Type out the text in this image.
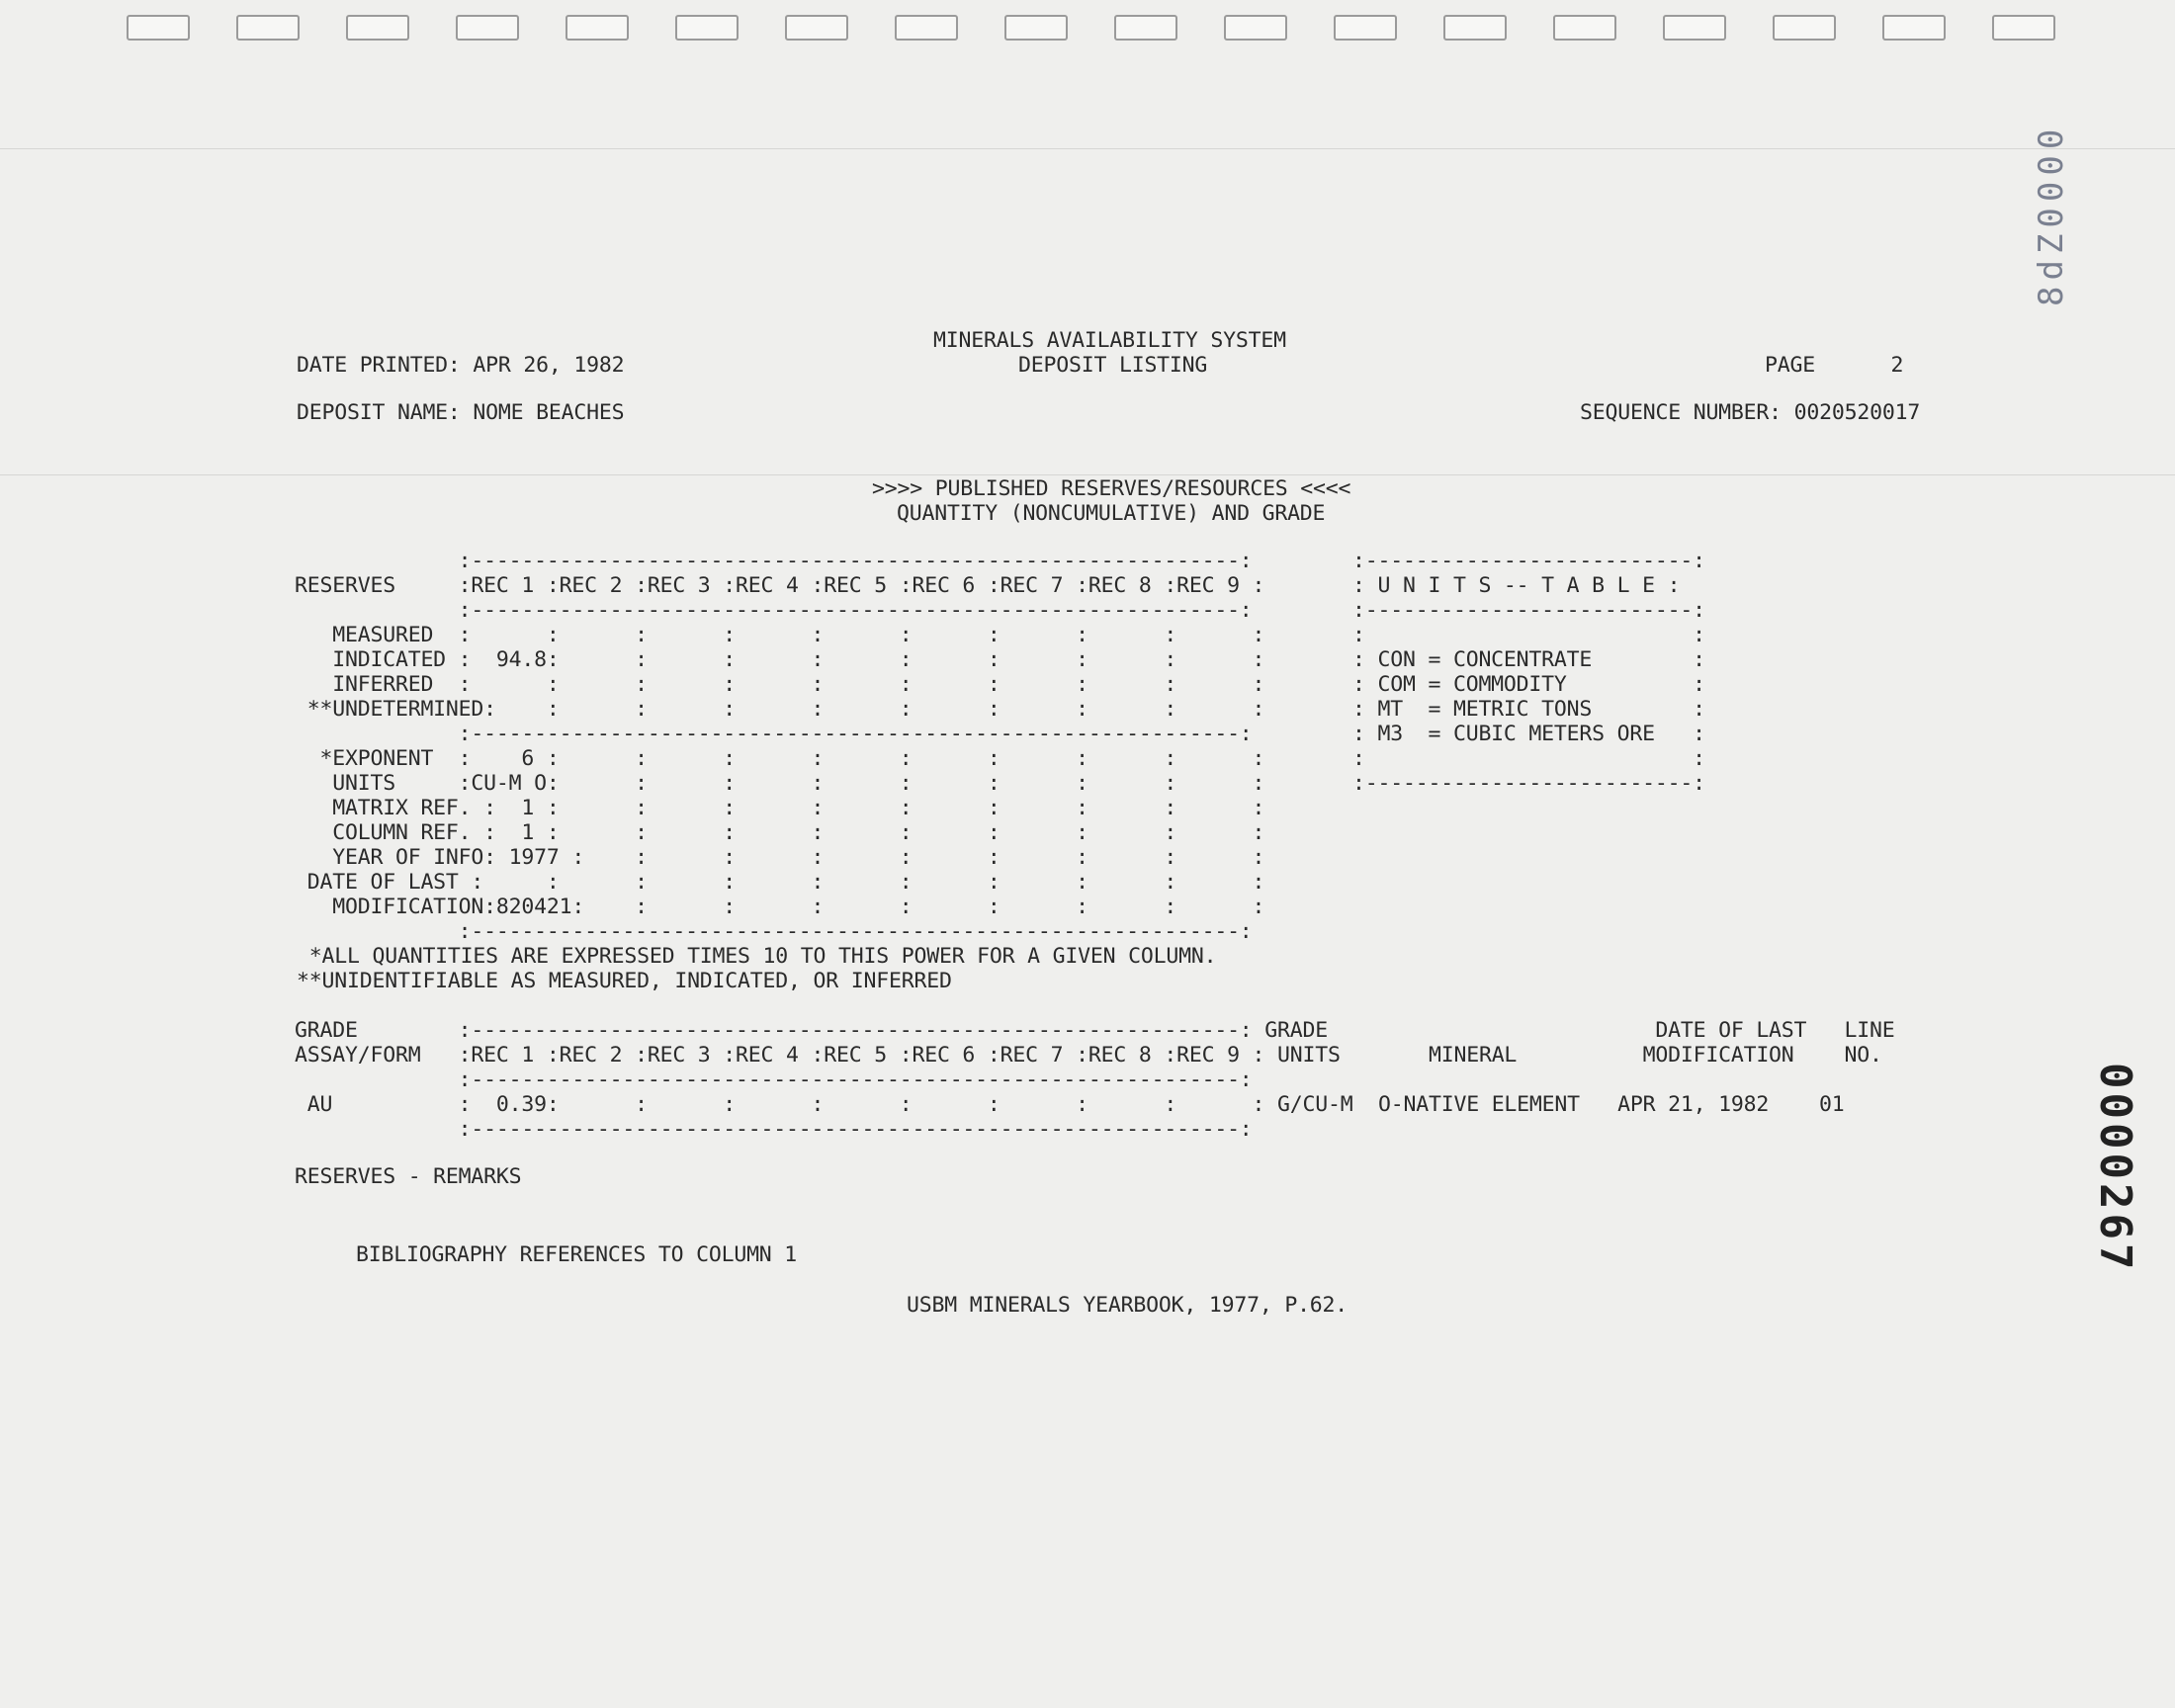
DATE PRINTED: APR 26, 1982
MINERALS AVAILABILITY SYSTEM
DEPOSIT LISTING	PAGE      2
DEPOSIT NAME: NOME BEACHES	SEQUENCE NUMBER: 0020520017
>>>> PUBLISHED RESERVES/RESOURCES <<<<
QUANTITY (NONCUMULATIVE) AND GRADE
:-------------------------------------------------------------:
RESERVES     :REC 1 :REC 2 :REC 3 :REC 4 :REC 5 :REC 6 :REC 7 :REC 8 :REC 9 :
:-------------------------------------------------------------:
MEASURED  :      :      :      :      :      :      :      :      :      :
INDICATED :  94.8:      :      :      :      :      :      :      :      :
INFERRED  :      :      :      :      :      :      :      :      :      :
**UNDETERMINED:    :      :      :      :      :      :      :      :      :
:-------------------------------------------------------------:
*EXPONENT  :    6 :      :      :      :      :      :      :      :      :
UNITS     :CU-M O:      :      :      :      :      :      :      :      :
MATRIX REF. :  1 :      :      :      :      :      :      :      :      :
COLUMN REF. :  1 :      :      :      :      :      :      :      :      :
YEAR OF INFO: 1977 :    :      :      :      :      :      :      :      :
DATE OF LAST :     :      :      :      :      :      :      :      :      :
MODIFICATION:820421:    :      :      :      :      :      :      :      :
:-------------------------------------------------------------:
:--------------------------:
: U N I T S -- T A B L E :
:--------------------------:
:                          :
: CON = CONCENTRATE        :
: COM = COMMODITY          :
: MT  = METRIC TONS        :
: M3  = CUBIC METERS ORE   :
:                          :
:--------------------------:
*ALL QUANTITIES ARE EXPRESSED TIMES 10 TO THIS POWER FOR A GIVEN COLUMN.
**UNIDENTIFIABLE AS MEASURED, INDICATED, OR INFERRED
GRADE        :-------------------------------------------------------------: GRADE                          DATE OF LAST   LINE
ASSAY/FORM   :REC 1 :REC 2 :REC 3 :REC 4 :REC 5 :REC 6 :REC 7 :REC 8 :REC 9 : UNITS       MINERAL          MODIFICATION    NO.
:-------------------------------------------------------------:
AU          :  0.39:      :      :      :      :      :      :      :      : G/CU-M  O-NATIVE ELEMENT   APR 21, 1982    01
:-------------------------------------------------------------:
RESERVES - REMARKS
BIBLIOGRAPHY REFERENCES TO COLUMN 1
USBM MINERALS YEARBOOK, 1977, P.62.
0000267
8dZ0000
